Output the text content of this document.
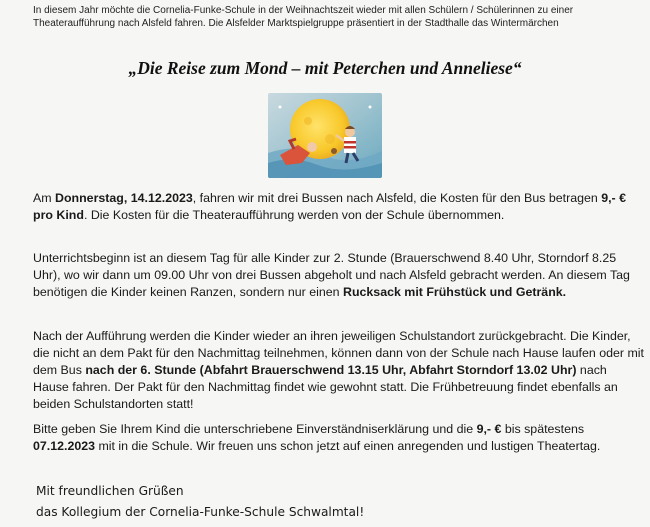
In diesem Jahr möchte die Cornelia-Funke-Schule in der Weihnachtszeit wieder mit allen Schülern / Schülerinnen zu einer Theateraufführung nach Alsfeld fahren. Die Alsfelder Marktspielgruppe präsentiert in der Stadthalle das Wintermärchen
„Die Reise zum Mond – mit Peterchen und Anneliese“
Am Donnerstag, 14.12.2023, fahren wir mit drei Bussen nach Alsfeld, die Kosten für den Bus betragen 9,- € pro Kind. Die Kosten für die Theateraufführung werden von der Schule übernommen.
Unterrichtsbeginn ist an diesem Tag für alle Kinder zur 2. Stunde (Brauerschwend 8.40 Uhr, Storndorf 8.25 Uhr), wo wir dann um 09.00 Uhr von drei Bussen abgeholt und nach Alsfeld gebracht werden. An diesem Tag benötigen die Kinder keinen Ranzen, sondern nur einen Rucksack mit Frühstück und Getränk.
Nach der Aufführung werden die Kinder wieder an ihren jeweiligen Schulstandort zurückgebracht. Die Kinder, die nicht an dem Pakt für den Nachmittag teilnehmen, können dann von der Schule nach Hause laufen oder mit dem Bus nach der 6. Stunde (Abfahrt Brauerschwend 13.15 Uhr, Abfahrt Storndorf 13.02 Uhr) nach Hause fahren. Der Pakt für den Nachmittag findet wie gewohnt statt. Die Frühbetreuung findet ebenfalls an beiden Schulstandorten statt!
Bitte geben Sie Ihrem Kind die unterschriebene Einverständniserklärung und die 9,- € bis spätestens 07.12.2023 mit in die Schule. Wir freuen uns schon jetzt auf einen anregenden und lustigen Theatertag.
Mit freundlichen Grüßen
das Kollegium der Cornelia-Funke-Schule Schwalmtal!
